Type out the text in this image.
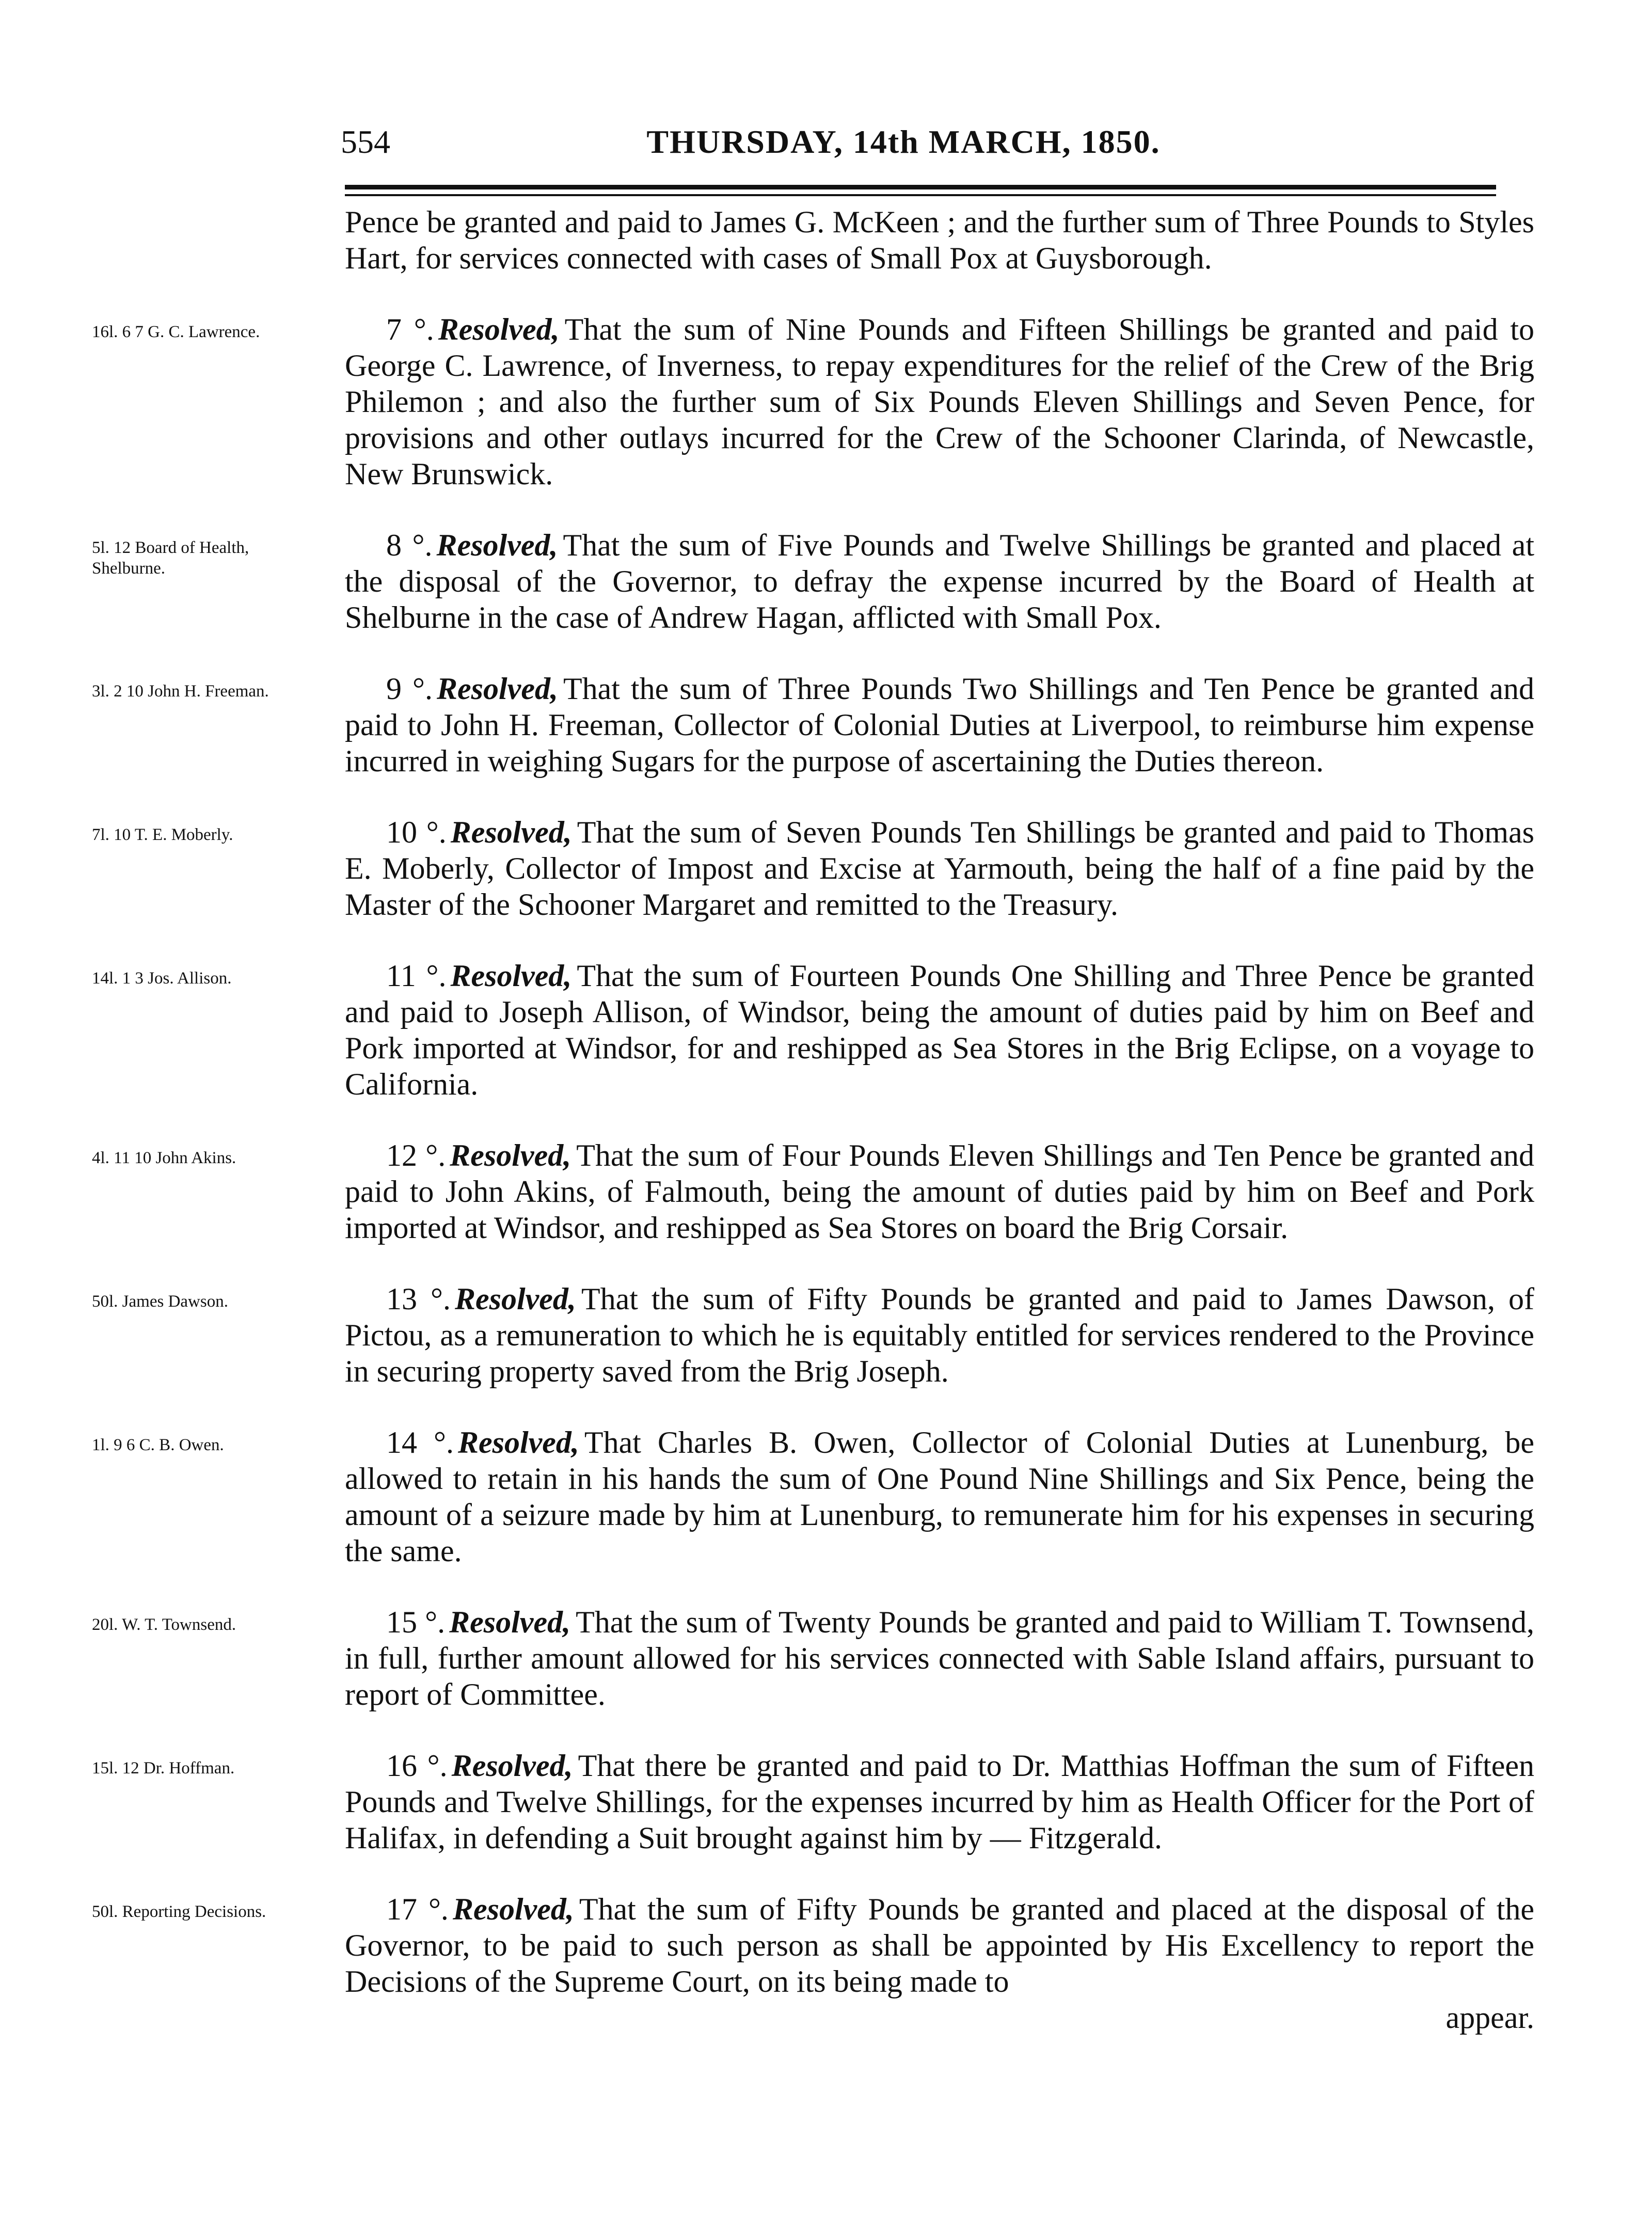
554	THURSDAY, 14th MARCH, 1850.

Pence be granted and paid to James G. McKeen ; and the further sum of Three Pounds to Styles Hart, for services connected with cases of Small Pox at Guysborough.

16l. 6 7 G. C. Lawrence.	7 °. Resolved, That the sum of Nine Pounds and Fifteen Shillings be granted and paid to George C. Lawrence, of Inverness, to repay expenditures for the relief of the Crew of the Brig Philemon ; and also the further sum of Six Pounds Eleven Shillings and Seven Pence, for provisions and other outlays incurred for the Crew of the Schooner Clarinda, of Newcastle, New Brunswick.

5l. 12 Board of Health, Shelburne.

8 °. Resolved, That the sum of Five Pounds and Twelve Shillings be granted and placed at the disposal of the Governor, to defray the expense incurred by the Board of Health at Shelburne in the case of Andrew Hagan, afflicted with Small Pox.

3l. 2 10 John H. Freeman.	9 °. Resolved, That the sum of Three Pounds Two Shillings and Ten Pence be granted and paid to John H. Freeman, Collector of Colonial Duties at Liverpool, to reimburse him expense incurred in weighing Sugars for the purpose of ascertaining the Duties thereon.

7l. 10 T. E. Moberly.	10 °. Resolved, That the sum of Seven Pounds Ten Shillings be granted and paid to Thomas E. Moberly, Collector of Impost and Excise at Yarmouth, being the half of a fine paid by the Master of the Schooner Margaret and remitted to the Treasury.

14l. 1 3 Jos. Allison.	11 °. Resolved, That the sum of Fourteen Pounds One Shilling and Three Pence be granted and paid to Joseph Allison, of Windsor, being the amount of duties paid by him on Beef and Pork imported at Windsor, for and reshipped as Sea Stores in the Brig Eclipse, on a voyage to California.

4l. 11 10 John Akins.	12 °. Resolved, That the sum of Four Pounds Eleven Shillings and Ten Pence be granted and paid to John Akins, of Falmouth, being the amount of duties paid by him on Beef and Pork imported at Windsor, and reshipped as Sea Stores on board the Brig Corsair.

50l. James Dawson.	13 °. Resolved, That the sum of Fifty Pounds be granted and paid to James Dawson, of Pictou, as a remuneration to which he is equitably entitled for services rendered to the Province in securing property saved from the Brig Joseph.

1l. 9 6 C. B. Owen.	14 °. Resolved, That Charles B. Owen, Collector of Colonial Duties at Lunenburg, be allowed to retain in his hands the sum of One Pound Nine Shillings and Six Pence, being the amount of a seizure made by him at Lunenburg, to remunerate him for his expenses in securing the same.

20l. W. T. Townsend.	15 °. Resolved, That the sum of Twenty Pounds be granted and paid to William T. Townsend, in full, further amount allowed for his services connected with Sable Island affairs, pursuant to report of Committee.

15l. 12 Dr. Hoffman.	16 °. Resolved, That there be granted and paid to Dr. Matthias Hoffman the sum of Fifteen Pounds and Twelve Shillings, for the expenses incurred by him as Health Officer for the Port of Halifax, in defending a Suit brought against him by — Fitzgerald.

50l. Reporting Decisions.	17 °. Resolved, That the sum of Fifty Pounds be granted and placed at the disposal of the Governor, to be paid to such person as shall be appointed by His Excellency to report the Decisions of the Supreme Court, on its being made to

appear.
